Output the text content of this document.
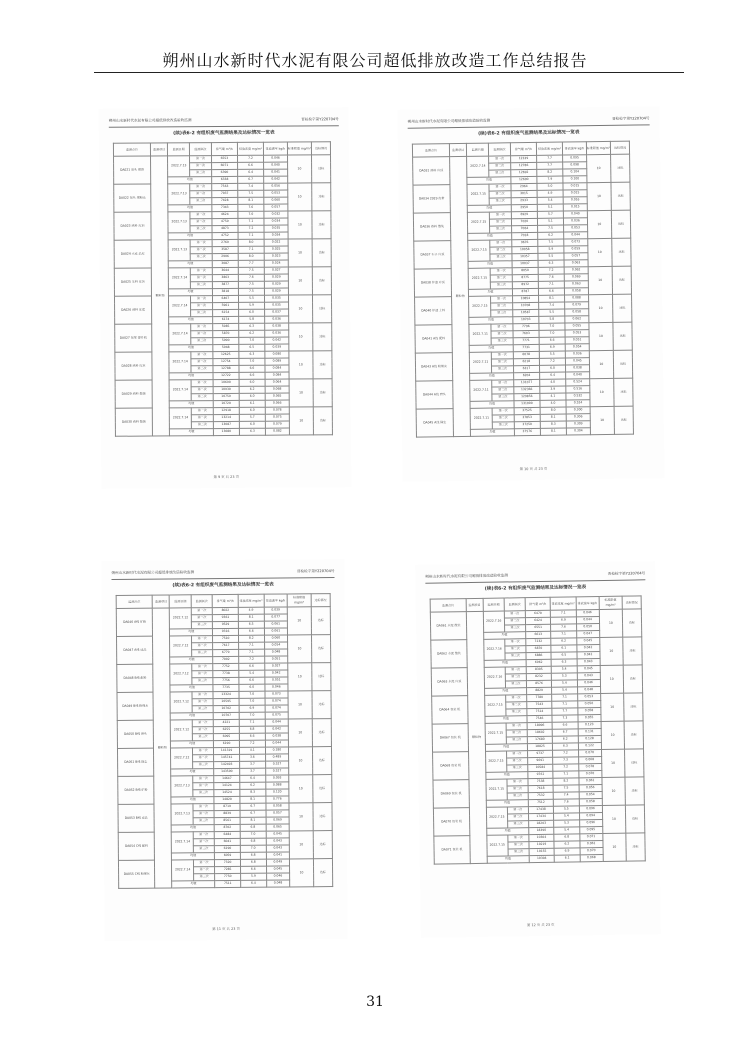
朔州山水新时代水泥有限公司超低排放改造工作总结报告
朔州山水新时代水泥有限公司超低排放改造验收监测	晋检检字第Y220704号
(续)表6-2 有组织废气监测结果及达标情况一览表
监测点位	监测项目	监测日期	监测频次	排气量 m³/h	排放浓度 mg/m³	排放速率 kg/h	标准限值 mg/m³	达标情况
DA021 窑头 煤磨	颗粒物	2022.7.13	第一次	6553	7.2	0.046	10	达标
			第二次	6071	6.6	0.040		
			第三次	6390	6.4	0.041		
		均值		6338	6.7	0.042		
DA022 窑头 煤粉仓		2022.7.13	第一次	7563	7.4	0.056	10	达标
			第二次	7037	7.5	0.053		
			第三次	7428	8.1	0.060		
		均值		7343	7.6	0.057		
DA023 熟料 库顶		2022.7.13	第一次	4624	7.0	0.032	10	达标
			第二次	4759	7.1	0.034		
			第三次	4873	7.2	0.035		
		均值		4752	7.1	0.034		
DA024 大成 品库		2022.7.13	第一次	2769	8.0	0.022	10	达标
			第二次	3587	7.1	0.025		
			第三次	2906	8.0	0.023		
		均值		3087	7.7	0.024		
DA025 生料 库顶		2022.7.14	第一次	3644	7.5	0.027	10	达标
			第二次	3863	7.6	0.029		
			第三次	3877	7.5	0.029		
		均值		3818	7.5	0.029		
DA026 熟料 库底		2022.7.14	第一次	6407	5.5	0.035	10	达标
			第二次	5961	5.9	0.035		
			第三次	6154	6.0	0.037		
		均值		6174	5.8	0.036		
DA027 窑尾 提升机		2022.7.14	第一次	5985	6.3	0.038	10	达标
			第二次	5870	6.2	0.036		
			第三次	5990	7.0	0.042		
		均值		5948	6.5	0.039		
DA028 熟料 库顶		2022.7.14	第一次	12625	6.3	0.080	10	达标
			第二次	12754	7.0	0.089		
			第三次	12788	6.6	0.084		
		均值		12722	6.6	0.084		
DA029 熟料 散装		2022.7.14	第一次	10690	6.0	0.064	10	达标
			第二次	10930	6.2	0.068		
			第三次	10759	6.0	0.065		
		均值		10720	6.1	0.066		
DA030 熟料 散装		2022.7.14	第一次	12918	6.0	0.078	10	达标
			第二次	13214	5.7	0.075		
			第三次	13087	6.0	0.079		
		均值		13080	6.3	0.082		
第 9 页 共 23 页
朔州山水新时代水泥有限公司超低排放改造验收监测	晋检检字第Y220704号
(续)表6-2 有组织废气监测结果及达标情况一览表
监测点位	监测项目	监测日期	监测频次	排气量 m³/h	排放浓度 mg/m³	排放速率 kg/h	标准限值 mg/m³	达标情况
DA031 熟料 库顶	颗粒物	2022.7.14	第一次	12339	7.7	0.095	10	达标
			第二次	12786	7.7	0.098		
			第三次	12692	8.2	0.104		
		均值		12600	7.9	0.100		
DA034 2929 皮带		2022.7.15	第一次	2964	5.0	0.015	10	达标
			第二次	3015	4.9	0.015		
			第三次	2933	5.4	0.016		
		均值		2950	5.1	0.015		
DA036 熟料 散装		2022.7.15	第一次	6929	5.7	0.040	10	达标
			第二次	7020	5.1	0.036		
			第三次	7064	7.5	0.053		
		均值		7018	6.2	0.044		
DA037 石子 库顶		2022.7.15	第一次	9676	7.5	0.073	10	达标
			第二次	10058	5.9	0.059		
			第三次	10357	5.5	0.057		
		均值		10037	6.3	0.063		
DA038 炉渣 库顶		2022.7.15	第一次	8050	7.2	0.062	10	达标
			第二次	8775	7.6	0.069		
			第三次	8972	7.1	0.063		
		均值		8787	6.6	0.058		
DA040 炉渣 上料		2022.7.15	第一次	10854	8.1	0.088	10	达标
			第二次	10708	7.4	0.079		
			第三次	10587	5.5	0.058		
		均值		10703	5.8	0.062		
DA041 A线 配料		2022.7.11	第一次	7796	7.0	0.055	10	达标
			第二次	7603	7.0	0.053		
			第三次	7771	6.6	0.051		
		均值		7731	6.9	0.054		
DA043 A线 粉煤灰		2022.7.11	第一次	6078	5.5	0.036	10	达标
			第二次	6218	7.2	0.045		
			第三次	6317	6.0	0.038		
		均值		6204	6.4	0.040		
DA044 A线 磨头		2022.7.11	第一次	131077	4.0	0.524	10	达标
			第二次	132366	3.9	0.516		
			第三次	129856	4.1	0.532		
		均值		131000	4.0	0.524		
DA045 A线 除尘		2022.7.11	第一次	37525	8.0	0.300	10	达标
			第二次	37853	8.1	0.306		
			第三次	37250	8.3	0.309		
		均值		37576	8.1	0.304		
第 10 页 共 23 页
朔州山水新时代水泥有限公司超低排放改造验收监测	晋检检字第Y220704号
(续)表6-2 有组织废气监测结果及达标情况一览表
监测点位	监测项目	监测日期	监测频次	排气量 m³/h	排放浓度 mg/m³	排放速率 kg/h	标准限值 mg/m³	达标情况
DA046 A线 矿粉	颗粒物	2022.7.12	第一次	8022	4.9	0.039	10	达标
			第二次	9361	8.1	0.077		
			第三次	9529	6.5	0.061		
		均值		9316	6.6	0.061		
DA047 A线 成品		2022.7.12	第一次	7510	8.2	0.060	10	达标
			第二次	7617	7.1	0.054		
			第三次	6779	7.1	0.048		
		均值		7002	7.2	0.051		
DA048 B线 配料		2022.7.12	第一次	7752	6.6	0.027	10	达标
			第二次	7738	5.4	0.042		
			第三次	7756	6.6	0.051		
		均值		7735	6.0	0.046		
DA049 B线 粉煤灰		2022.7.12	第一次	13324	7.0	0.073	10	达标
			第二次	10595	7.0	0.074		
			第三次	10702	6.9	0.074		
		均值		10707	7.0	0.075		
DA050 B线 磨头		2022.7.12	第一次	4221	7.1	0.044	10	达标
			第二次	6255	6.8	0.042		
			第三次	6095	6.6	0.038		
		均值		6190	7.2	0.044		
DA051 B线 除尘		2022.7.12	第一次	141319	4.1	0.180	10	达标
			第二次	145741	3.6	0.489		
			第三次	142493	3.7	0.527		
		均值		143590	3.7	0.527		
DA052 B线 矿粉		2022.7.13	第一次	14647	6.4	0.093	10	达标
			第二次	14124	6.2	0.088		
			第三次	14524	8.3	0.120		
		均值		14820	8.1	0.776		
DA053 B线 成品		2022.7.13	第一次	8719	6.7	0.058	10	达标
			第二次	8839	6.7	0.057		
			第三次	8561	8.1	0.069		
		均值		8702	6.8	0.065		
DA054 C线 配料		2022.7.14	第一次	6484	7.0	0.045	10	达标
			第二次	6041	6.8	0.043		
			第三次	6190	7.0	0.043		
		均值		6059	6.8	0.041		
DA055 C线 粉煤灰		2022.7.14	第一次	7320	6.8	0.049	10	达标
			第二次	7285	6.6	0.045		
			第三次	7750	5.9	0.046		
		均值		7511	6.4	0.048		
第 11 页 共 23 页
朔州山水新时代水泥有限公司超低排放改造验收监测	晋检检字第Y220704号
(续)表6-2 有组织废气监测结果及达标情况一览表
监测点位	监测项目	监测日期	监测频次	排气量 m³/h	排放浓度 mg/m³	排放速率 kg/h	标准限值 mg/m³	达标情况
DA061 水泥 散装	颗粒物	2022.7.16	第一次	6470	7.1	0.046	10	达标
			第二次	6424	6.9	0.044		
			第三次	6551	7.6	0.050		
		均值		6613	7.1	0.047		
DA062 水泥 散装		2022.7.16	第一次	7232	6.2	0.045	10	达标
			第二次	6870	6.1	0.042		
			第三次	6886	6.5	0.041		
		均值		6962	6.3	0.043		
DA063 水泥 库顶		2022.7.16	第一次	8305	5.4	0.045	10	达标
			第二次	8232	5.3	0.043		
			第三次	8576	5.4	0.046		
		均值		8829	5.4	0.048		
DA064 包装 机		2022.7.15	第一次	7780	7.1	0.053	10	达标
			第二次	7543	7.1	0.056		
			第三次	7514	7.7	0.058		
		均值		7546	7.3	0.055		
DA067 包装 机		2022.7.15	第一次	18096	6.6	0.123	10	达标
			第二次	18602	6.7	0.131		
			第三次	17680	6.2	0.128		
		均值		18825	6.3	0.122		
DA068 包装 机		2022.7.15	第一次	9737	7.2	0.070	10	达标
			第二次	9691	7.3	0.068		
			第三次	10584	7.2	0.078		
		均值		9761	7.1	0.070		
DA069 包装 机		2022.7.15	第一次	7538	8.2	0.061	10	达标
			第二次	7618	7.5	0.056		
			第三次	7532	7.4	0.054		
		均值		7512	7.6	0.058		
DA070 包装 机		2022.7.15	第一次	17438	5.5	0.096	10	达标
			第二次	17434	5.4	0.094		
			第三次	18203	5.3	0.096		
		均值		18390	5.4	0.095		
DA071 包装 机		2022.7.15	第一次	10304	6.8	0.071	10	达标
			第二次	10219	6.2	0.061		
			第三次	10155	6.9	0.070		
		均值		10304	6.1	0.068		
第 12 页 共 23 页
31
